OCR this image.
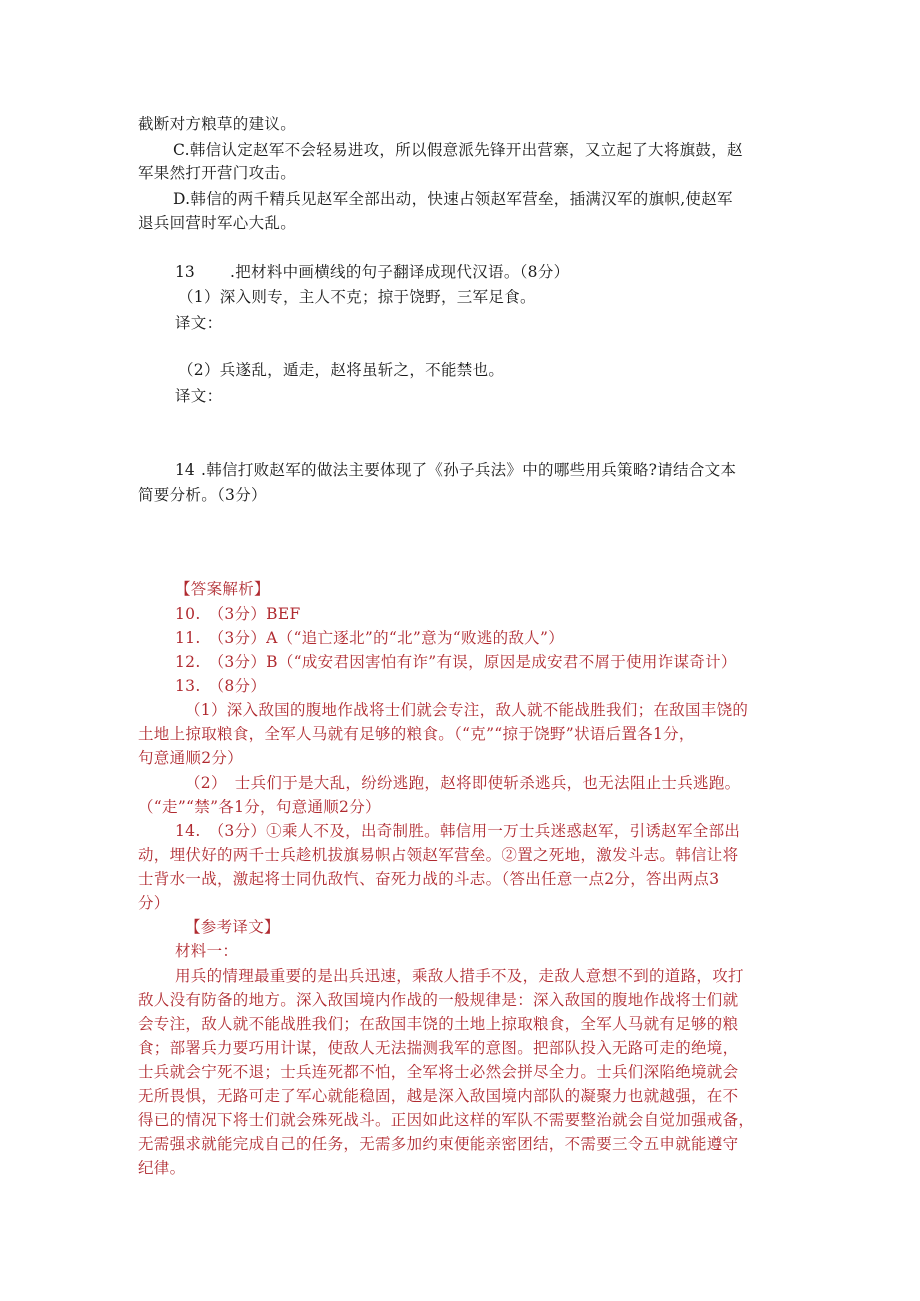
截断对方粮草的建议。
C.韩信认定赵军不会轻易进攻，所以假意派先锋开出营寨，又立起了大将旗鼓，赵
军果然打开营门攻击。
D.韩信的两千精兵见赵军全部出动，快速占领赵军营垒，插满汉军的旗帜,使赵军
退兵回营时军心大乱。
13 .把材料中画横线的句子翻译成现代汉语。（8分）
（1）深入则专，主人不克；掠于饶野，三军足食。
译文：
（2）兵遂乱，遁走，赵将虽斩之，不能禁也。
译文：
14 .韩信打败赵军的做法主要体现了《孙子兵法》中的哪些用兵策略?请结合文本
简要分析。（3分）
【答案解析】
10.　（3分）BEF
11.　（3分）A（“追亡逐北”的“北”意为“败逃的敌人”）
12.　（3分）B（“成安君因害怕有诈”有误，原因是成安君不屑于使用诈谋奇计）
13.　（8分）
（1）深入敌国的腹地作战将士们就会专注，敌人就不能战胜我们；在敌国丰饶的
土地上掠取粮食，全军人马就有足够的粮食。（“克”“掠于饶野”状语后置各1分，
句意通顺2分）
（2）　士兵们于是大乱，纷纷逃跑，赵将即使斩杀逃兵，也无法阻止士兵逃跑。
（“走”“禁”各1分，句意通顺2分）
14.　（3分）①乘人不及，出奇制胜。韩信用一万士兵迷惑赵军，引诱赵军全部出
动，埋伏好的两千士兵趁机拔旗易帜占领赵军营垒。②置之死地，激发斗志。韩信让将
士背水一战，激起将士同仇敌忾、奋死力战的斗志。（答出任意一点2分，答出两点3
分）
【参考译文】
材料一：
用兵的情理最重要的是出兵迅速，乘敌人措手不及，走敌人意想不到的道路，攻打
敌人没有防备的地方。深入敌国境内作战的一般规律是：深入敌国的腹地作战将士们就
会专注，敌人就不能战胜我们；在敌国丰饶的土地上掠取粮食，全军人马就有足够的粮
食；部署兵力要巧用计谋，使敌人无法揣测我军的意图。把部队投入无路可走的绝境，
士兵就会宁死不退；士兵连死都不怕，全军将士必然会拼尽全力。士兵们深陷绝境就会
无所畏惧，无路可走了军心就能稳固，越是深入敌国境内部队的凝聚力也就越强，在不
得已的情况下将士们就会殊死战斗。正因如此这样的军队不需要整治就会自觉加强戒备，
无需强求就能完成自己的任务，无需多加约束便能亲密团结，不需要三令五申就能遵守
纪律。
